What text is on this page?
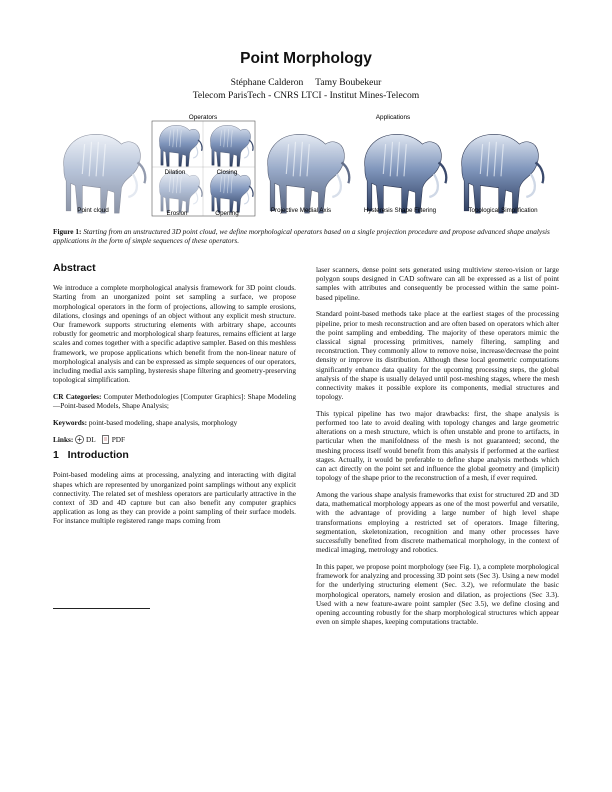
Point Morphology
Stéphane Calderon     Tamy Boubekeur
Telecom ParisTech - CNRS LTCI - Institut Mines-Telecom
Operators	Applications
Point cloud
Dilation	Closing
Erosion	Opening	Projective Medial Axis	Hysteresis Shape Filtering	Topological Simplification
Figure 1: Starting from an unstructured 3D point cloud, we define morphological operators based on a single projection procedure and propose advanced shape analysis applications in the form of simple sequences of these operators.
Abstract

We introduce a complete morphological analysis framework for 3D point clouds. Starting from an unorganized point set sampling a surface, we propose morphological operators in the form of projections, allowing to sample erosions, dilations, closings and openings of an object without any explicit mesh structure. Our framework supports structuring elements with arbitrary shape, accounts robustly for geometric and morphological sharp features, remains efficient at large scales and comes together with a specific adaptive sampler. Based on this meshless framework, we propose applications which benefit from the non-linear nature of morphological analysis and can be expressed as simple sequences of our operators, including medial axis sampling, hysteresis shape filtering and geometry-preserving topological simplification.

CR Categories: Computer Methodologies [Computer Graphics]: Shape Modeling—Point-based Models, Shape Analysis;

Keywords: point-based modeling, shape analysis, morphology

Links: DL PDF

1 Introduction

Point-based modeling aims at processing, analyzing and interacting with digital shapes which are represented by unorganized point samplings without any explicit connectivity. The related set of meshless operators are particularly attractive in the context of 3D and 4D capture but can also benefit any computer graphics application as long as they can provide a point sampling of their surface models. For instance multiple registered range maps coming from

laser scanners, dense point sets generated using multiview stereo-vision or large polygon soups designed in CAD software can all be expressed as a list of point samples with attributes and consequently be processed within the same point-based pipeline.

Standard point-based methods take place at the earliest stages of the processing pipeline, prior to mesh reconstruction and are often based on operators which alter the point sampling and embedding. The majority of these operators mimic the classical signal processing primitives, namely filtering, sampling and reconstruction. They commonly allow to remove noise, increase/decrease the point density or improve its distribution. Although these local geometric computations significantly enhance data quality for the upcoming processing steps, the global analysis of the shape is usually delayed until post-meshing stages, where the mesh connectivity makes it possible explore its components, medial structures and topology.

This typical pipeline has two major drawbacks: first, the shape analysis is performed too late to avoid dealing with topology changes and large geometric alterations on a mesh structure, which is often unstable and prone to artifacts, in particular when the manifoldness of the mesh is not guaranteed; second, the meshing process itself would benefit from this analysis if performed at the earliest stages. Actually, it would be preferable to define shape analysis methods which can act directly on the point set and influence the global geometry and (implicit) topology of the shape prior to the reconstruction of a mesh, if ever required.

Among the various shape analysis frameworks that exist for structured 2D and 3D data, mathematical morphology appears as one of the most powerful and versatile, with the advantage of providing a large number of high level shape transformations employing a restricted set of operators. Image filtering, segmentation, skeletonization, recognition and many other processes have successfully benefited from discrete mathematical morphology, in the context of medical imaging, metrology and robotics.

In this paper, we propose point morphology (see Fig. 1), a complete morphological framework for analyzing and processing 3D point sets (Sec 3). Using a new model for the underlying structuring element (Sec. 3.2), we reformulate the basic morphological operators, namely erosion and dilation, as projections (Sec 3.3). Used with a new feature-aware point sampler (Sec 3.5), we define closing and opening accounting robustly for the sharp morphological structures which appear even on simple shapes, keeping computations tractable.
